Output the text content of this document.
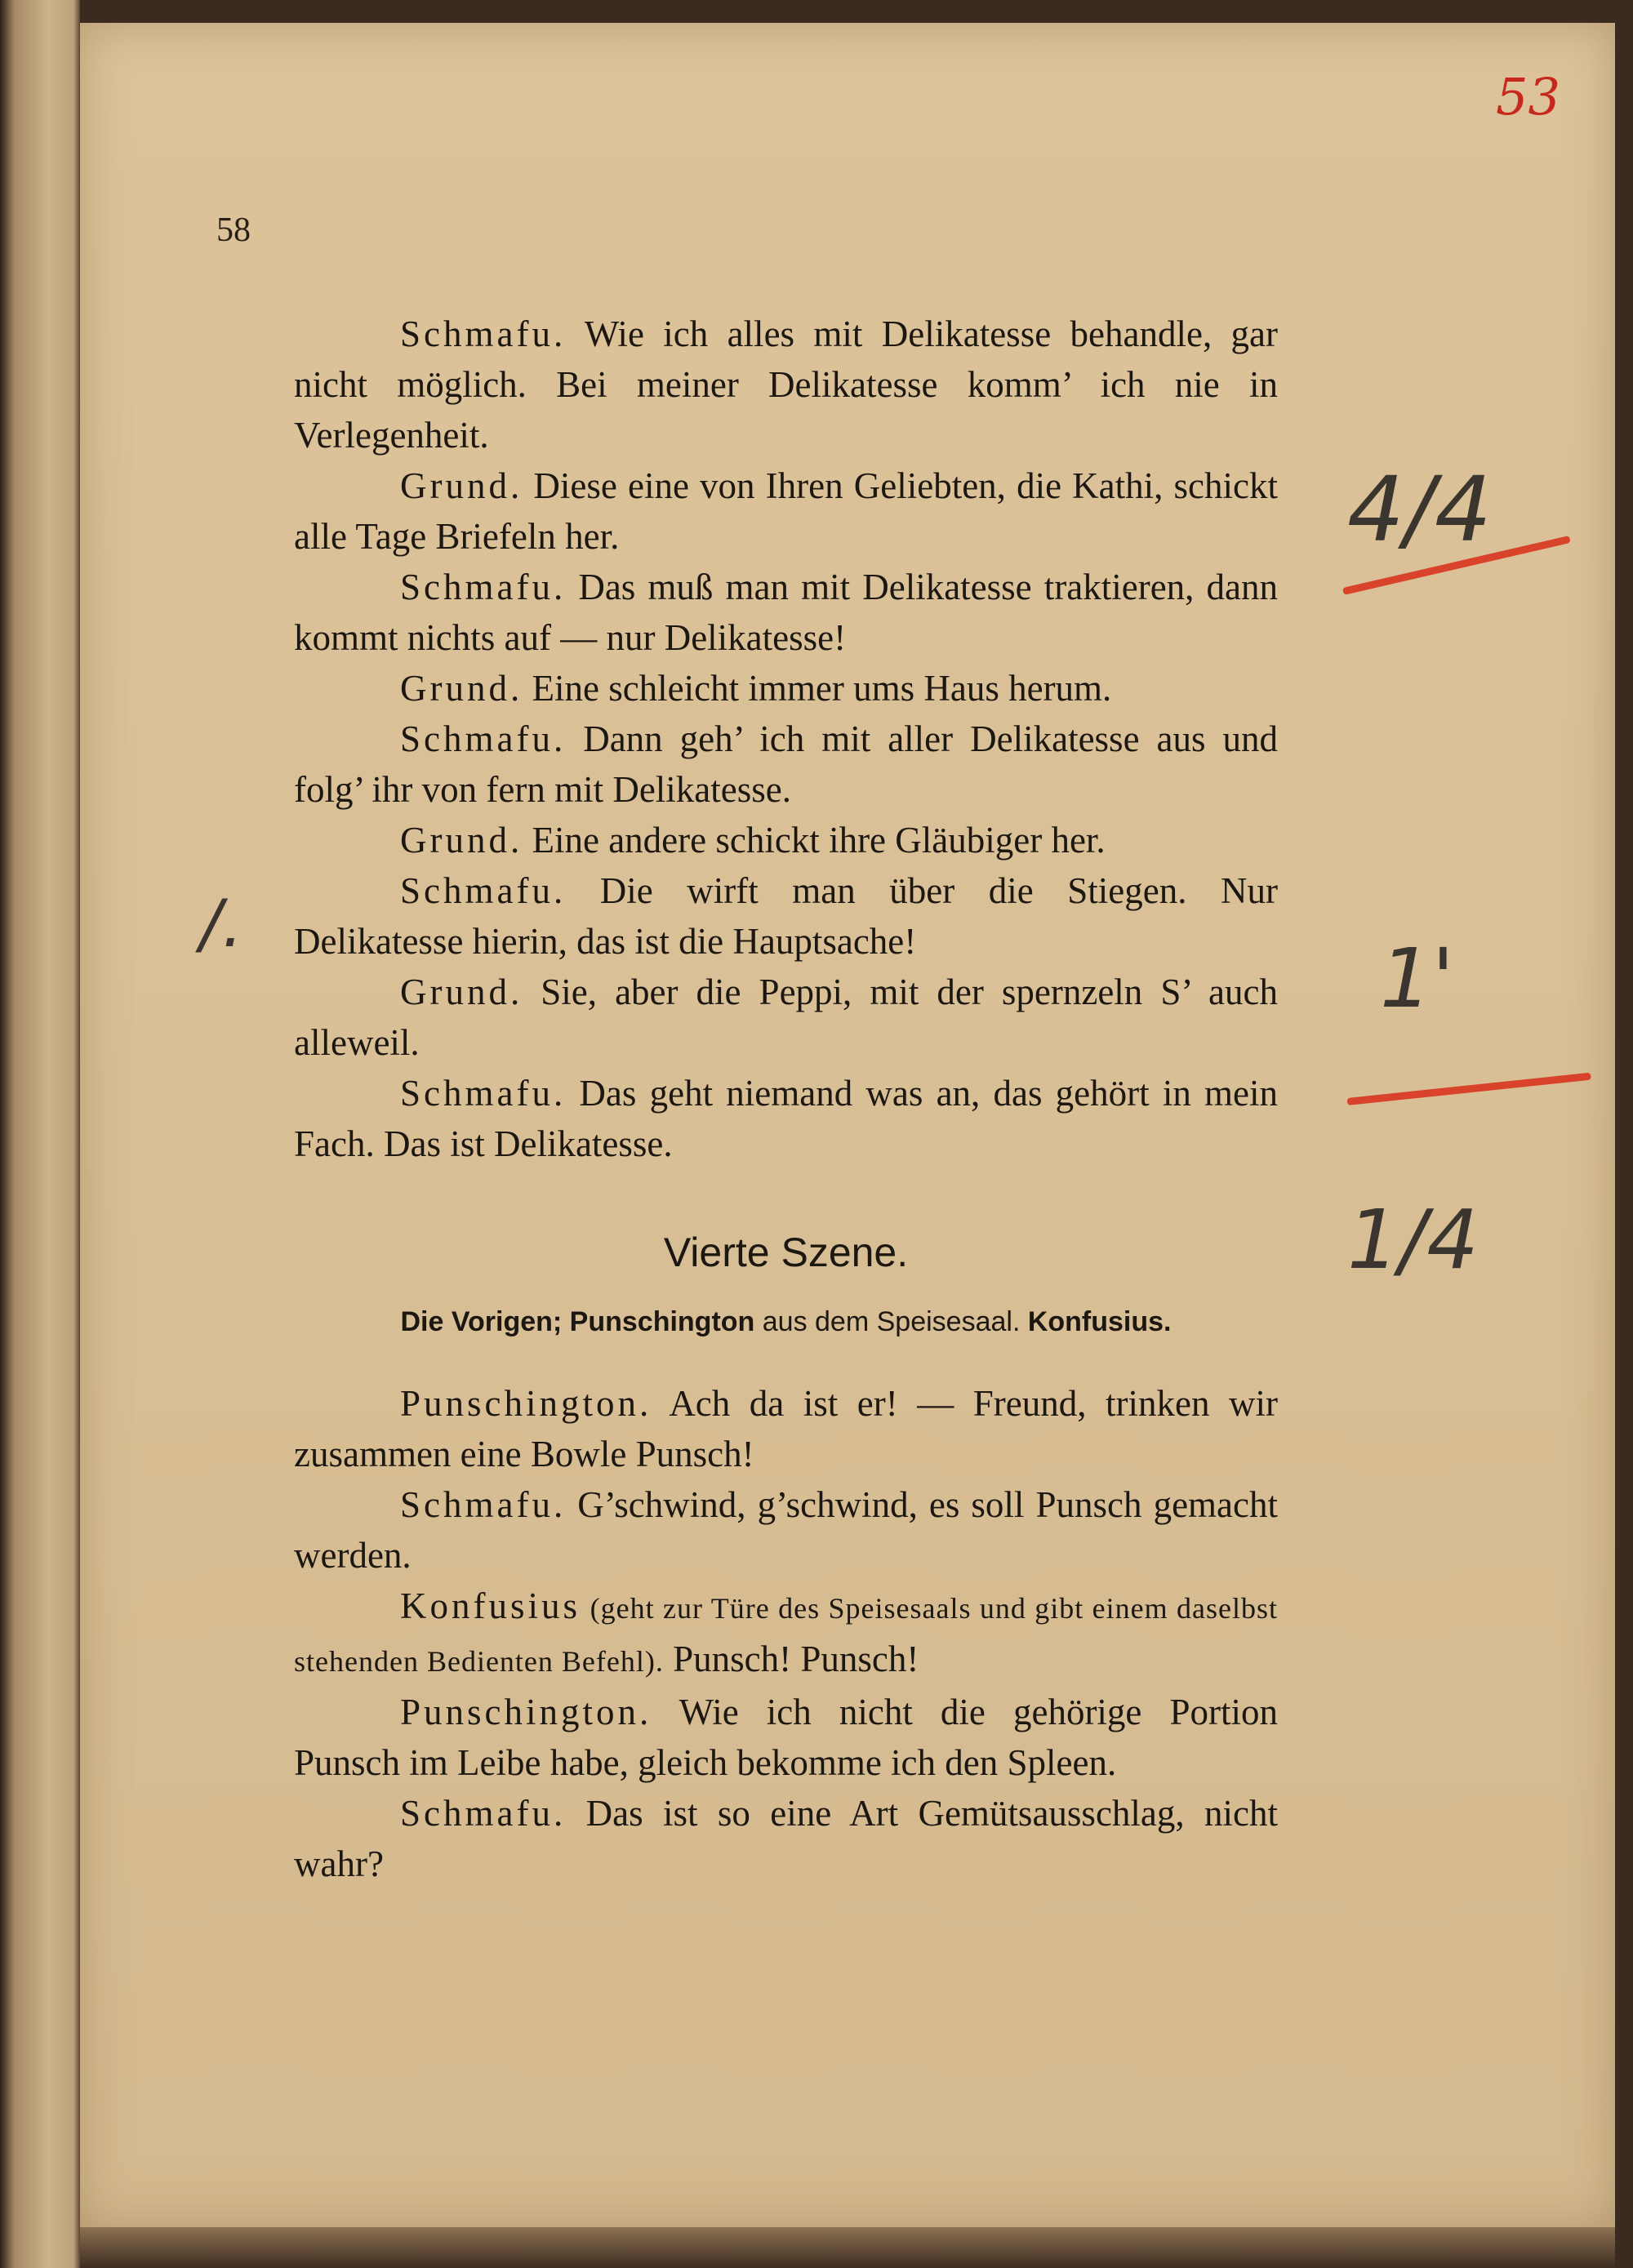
58
53

Schmafu. Wie ich alles mit Delikatesse behandle, gar nicht möglich. Bei meiner Delikatesse komm’ ich nie in Verlegenheit.

Grund. Diese eine von Ihren Geliebten, die Kathi, schickt alle Tage Briefeln her.

Schmafu. Das muß man mit Delikatesse traktieren, dann kommt nichts auf — nur Delikatesse!

Grund. Eine schleicht immer ums Haus herum.

Schmafu. Dann geh’ ich mit aller Delikatesse aus und folg’ ihr von fern mit Delikatesse.

Grund. Eine andere schickt ihre Gläubiger her.

Schmafu. Die wirft man über die Stiegen. Nur Delikatesse hierin, das ist die Hauptsache!

Grund. Sie, aber die Peppi, mit der spernzeln S’ auch alleweil.

Schmafu. Das geht niemand was an, das gehört in mein Fach. Das ist Delikatesse.

Vierte Szene.
Die Vorigen; Punschington aus dem Speisesaal. Konfusius.

Punschington. Ach da ist er! — Freund, trinken wir zusammen eine Bowle Punsch!

Schmafu. G’schwind, g’schwind, es soll Punsch gemacht werden.

Konfusius (geht zur Türe des Speisesaals und gibt einem daselbst stehenden Bedienten Befehl). Punsch! Punsch!

Punschington. Wie ich nicht die gehörige Portion Punsch im Leibe habe, gleich bekomme ich den Spleen.

Schmafu. Das ist so eine Art Gemütsausschlag, nicht wahr?

/.
4/4
1'
1/4
